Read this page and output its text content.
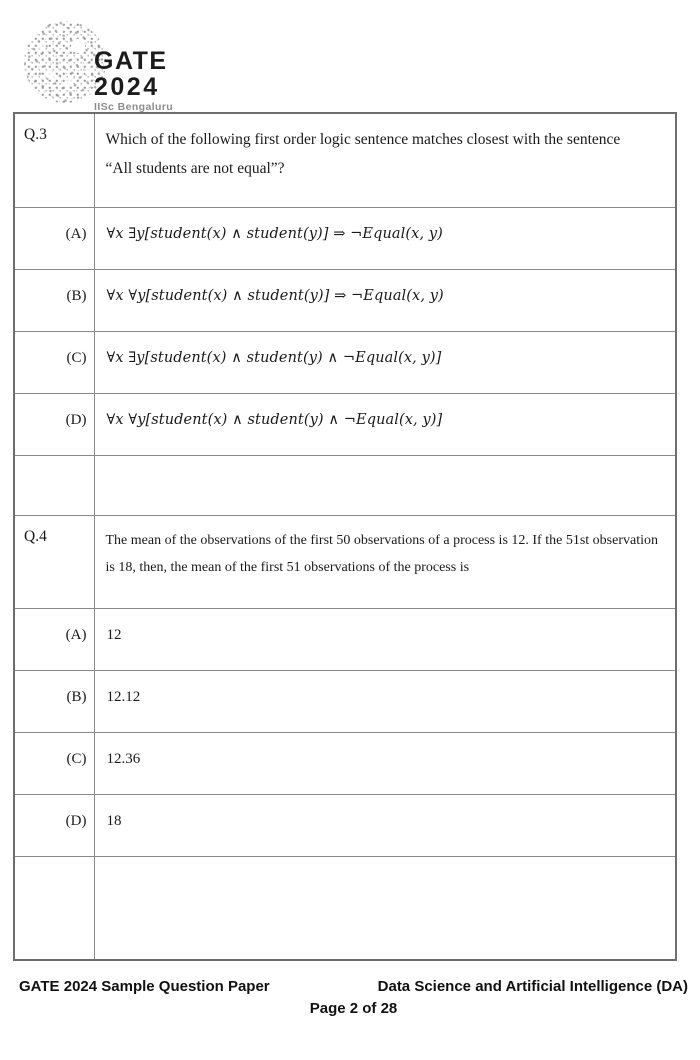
GATE
2024
IISc Bengaluru
Q.3	Which of the following first order logic sentence matches closest with the sentence “All students are not equal”?
(A)	∀x ∃y[student(x) ∧ student(y)] ⇒ ¬Equal(x, y)
(B)	∀x ∀y[student(x) ∧ student(y)] ⇒ ¬Equal(x, y)
(C)	∀x ∃y[student(x) ∧ student(y) ∧ ¬Equal(x, y)]
(D)	∀x ∀y[student(x) ∧ student(y) ∧ ¬Equal(x, y)]

Q.4	The mean of the observations of the first 50 observations of a process is 12. If the 51st observation is 18, then, the mean of the first 51 observations of the process is
(A)	12
(B)	12.12
(C)	12.36
(D)	18

GATE 2024 Sample Question Paper	Data Science and Artificial Intelligence (DA)
Page 2 of 28
